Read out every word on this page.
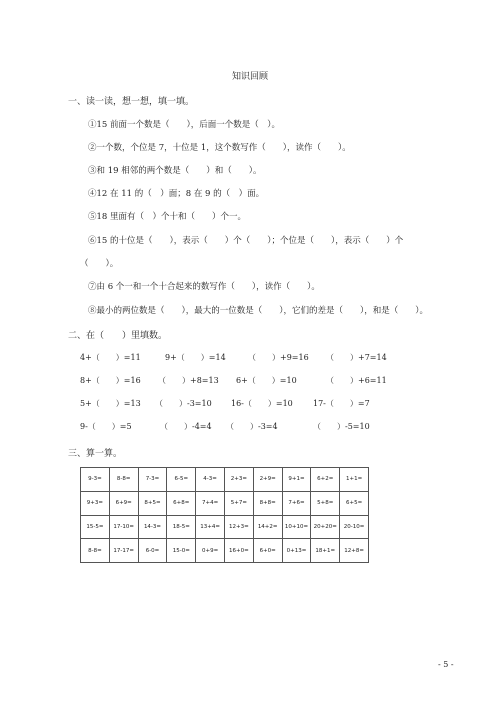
知识回顾
一、读一读，想一想，填一填。
①15 前面一个数是（　　），后面一个数是（　）。
②一个数，个位是 7，十位是 1，这个数写作（　　），读作（　　）。
③和 19 相邻的两个数是（　　）和（　　）。
④12 在 11 的（　）面；8 在 9 的（　）面。
⑤18 里面有（　）个十和（　　）个一。
⑥15 的十位是（　　），表示（　　）个（　　）；个位是（　　），表示（　　）个
（　　）。
⑦由 6 个一和一个十合起来的数写作（　　），读作（　　）。
⑧最小的两位数是（　　），最大的一位数是（　　），它们的差是（　　），和是（　　）。
二、在（　　）里填数。
4+（　　）=11	9+（　　）=14	（　　）+9=16 （　　）+7=14
8+（　　）=16 （　　）+8=13 6+（　　）=10	（　　）+6=11
5+（　　）=13 （　　）-3=10 16-（　　）=10	17-（　　）=7
9-（　　）=5	（　　）-4=4 （　　）-3=4	（　　）-5=10
三、算一算。
9-3=	8-8=	7-3=	6-5=	4-3=	2+3=	2+9=	9+1=	6+2=	1+1=
9+3=	6+9=	8+5=	6+8=	7+4=	5+7=	8+8=	7+6=	5+8=	6+5=
15-5=	17-10=	14-3=	18-5=	13+4=	12+3=	14+2=	10+10=	20+20=	20-10=
8-8=	17-17=	6-0=	15-0=	0+9=	16+0=	6+0=	0+13=	18+1=	12+8=
- 5 -
